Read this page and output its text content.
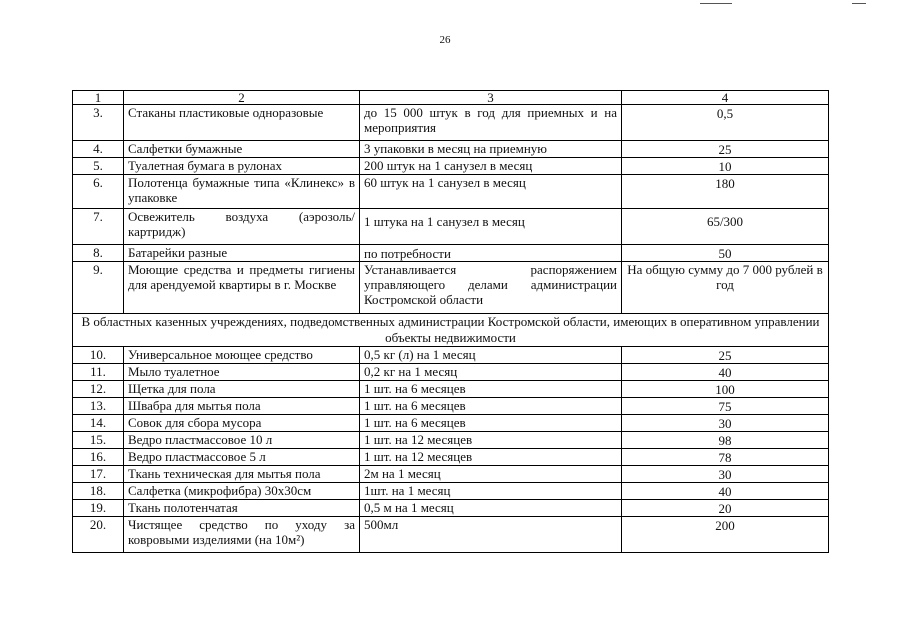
26
1	2	3	4
3.	Стаканы пластиковые одноразовые	до 15 000 штук в год для приемных и на мероприятия	0,5

4.	Салфетки бумажные	3 упаковки в месяц на приемную	25

5.	Туалетная бумага в рулонах	200 штук на 1 санузел в месяц	10

6.	Полотенца бумажные типа «Клинекс» в упаковке	60 штук на 1 санузел в месяц	180

7.	Освежитель воздуха (аэрозоль/картридж)	1 штука на 1 санузел в месяц	65/300

8.	Батарейки разные	по потребности	50

9.	Моющие средства и предметы гигиены для арендуемой квартиры в г. Москве	Устанавливается распоряжением управляющего делами администрации Костромской области	На общую сумму до 7 000 рублей в год
В областных казенных учреждениях, подведомственных администрации Костромской области, имеющих в оперативном управлении объекты недвижимости			
10.	Универсальное моющее средство	0,5 кг (л) на 1 месяц	25

11.	Мыло туалетное	0,2 кг на 1 месяц	40

12.	Щетка для пола	1 шт. на 6 месяцев	100

13.	Швабра для мытья пола	1 шт. на 6 месяцев	75

14.	Совок для сбора мусора	1 шт. на 6 месяцев	30

15.	Ведро пластмассовое 10 л	1 шт. на 12 месяцев	98

16.	Ведро пластмассовое 5 л	1 шт. на 12 месяцев	78

17.	Ткань техническая для мытья пола	2м на 1 месяц	30

18.	Салфетка (микрофибра) 30х30см	1шт. на 1 месяц	40

19.	Ткань полотенчатая	0,5 м на 1 месяц	20

20.	Чистящее средство по уходу за ковровыми изделиями (на 10м²)	500мл	200
